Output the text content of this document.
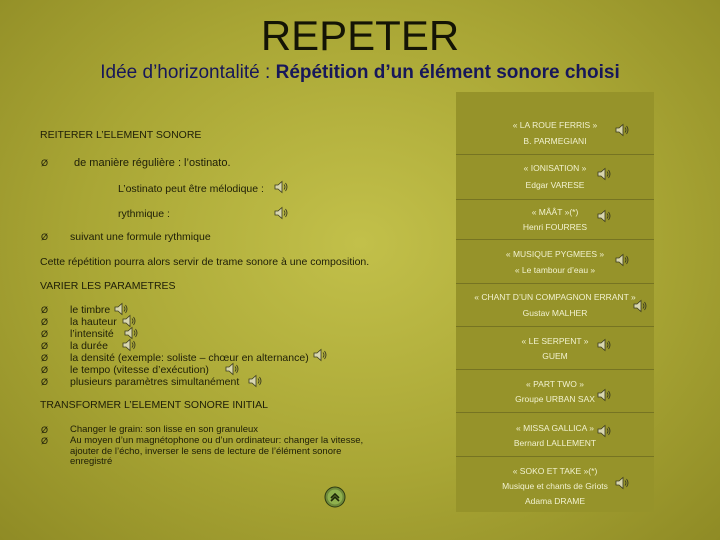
REPETER
Idée d’horizontalité : Répétition d’un élément sonore choisi
REITERER L’ELEMENT SONORE
Ø de manière régulière : l’ostinato.
L’ostinato peut être mélodique :
rythmique :
Ø suivant une formule rythmique
Cette répétition pourra alors servir de trame sonore à une composition.
VARIER LES PARAMETRES
Ø le timbre
Ø la hauteur
Ø l’intensité
Ø la durée
Ø la densité (exemple: soliste – chœur en alternance)
Ø le tempo (vitesse d’exécution)
Ø plusieurs paramètres simultanément
TRANSFORMER L’ELEMENT SONORE INITIAL
Ø Changer le grain: son lisse en son granuleux
Ø Au moyen d’un magnétophone ou d’un ordinateur: changer la vitesse,
ajouter de l’écho, inverser le sens de lecture de l’élément sonore
enregistré
« LA ROUE FERRIS »
B. PARMEGIANI
« IONISATION »
Edgar VARESE
« MÂÂT »(*)
Henri FOURRES
« MUSIQUE PYGMEES »
« Le tambour d’eau »
« CHANT D’UN COMPAGNON ERRANT »
Gustav MALHER
« LE SERPENT »
GUEM
« PART TWO »
Groupe URBAN SAX
« MISSA GALLICA »
Bernard LALLEMENT
« SOKO ET TAKE »(*)
Musique et chants de Griots
Adama DRAME
